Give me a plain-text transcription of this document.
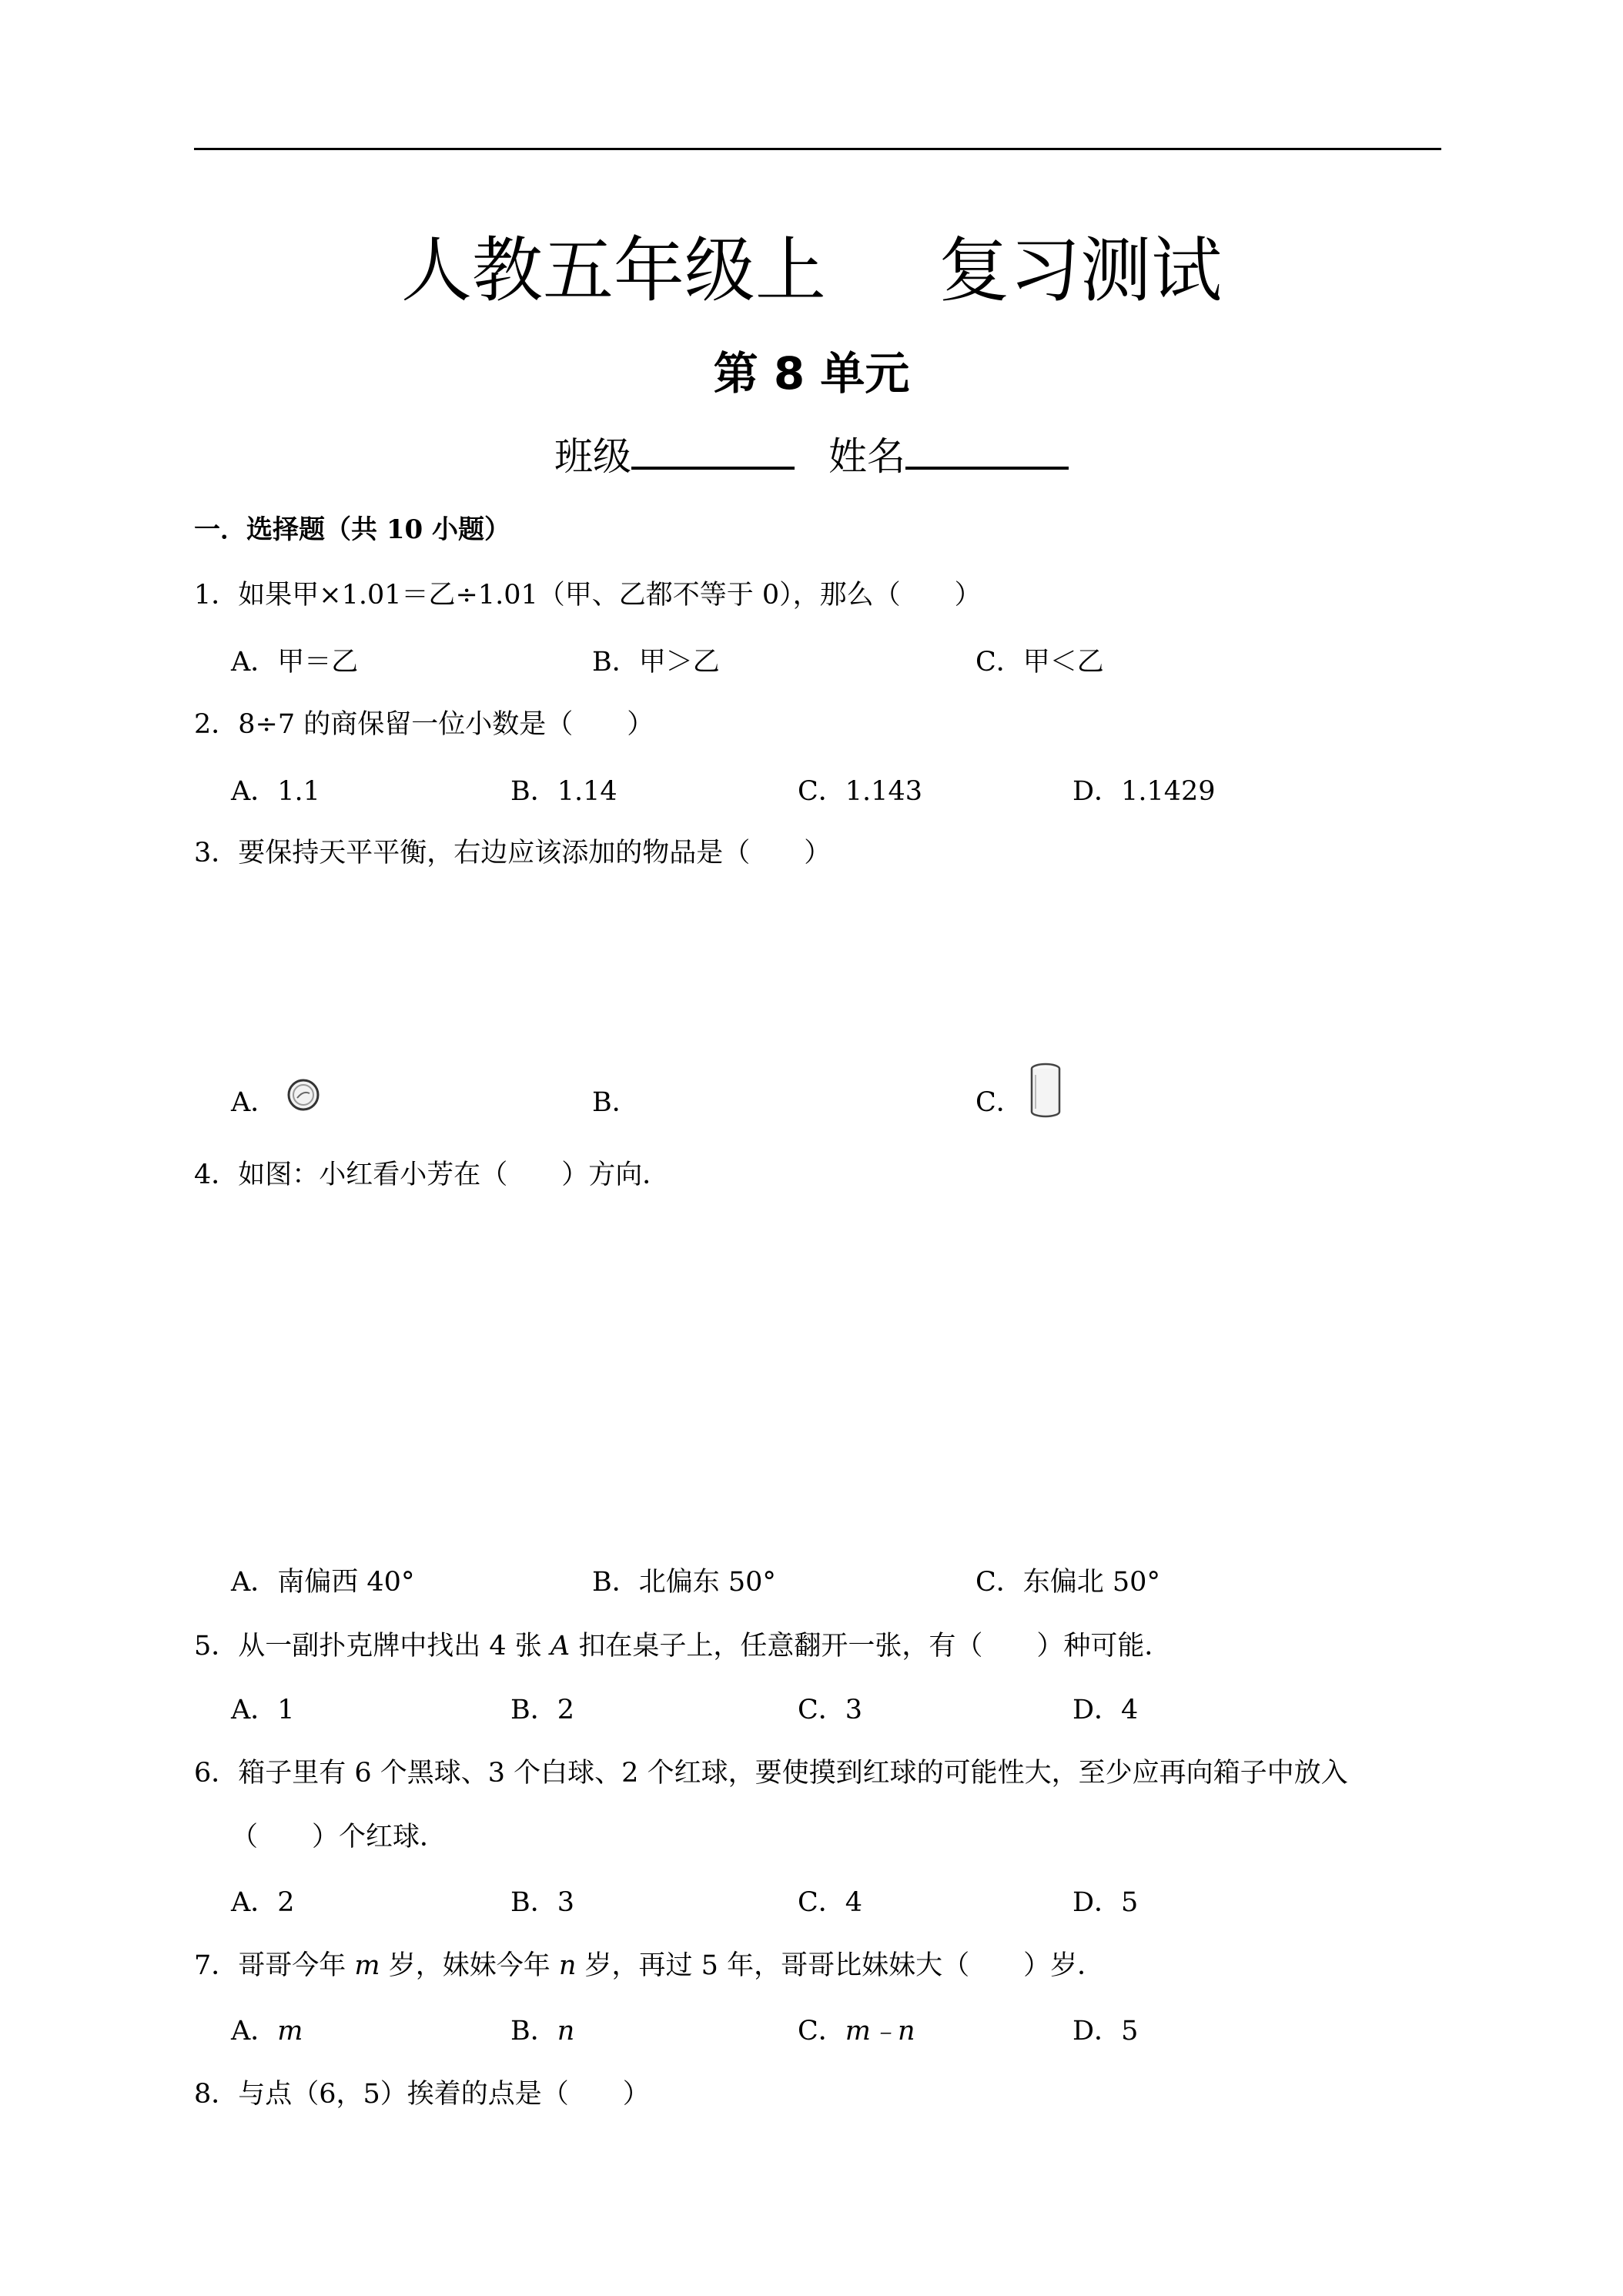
人教五年级上     复习测试
第 8 单元
班级	姓名
一．选择题（共 10 小题）
1．如果甲×1.01＝乙÷1.01（甲、乙都不等于 0），那么（　　）
A．甲＝乙	B．甲＞乙	C．甲＜乙
2．8÷7 的商保留一位小数是（　　）
A．1.1	B．1.14	C．1.143	D．1.1429
3．要保持天平平衡，右边应该添加的物品是（　　）
A．	B．	C．
4．如图：小红看小芳在（　　）方向．
A．南偏西 40°	B．北偏东 50°	C．东偏北 50°
5．从一副扑克牌中找出 4 张 A 扣在桌子上，任意翻开一张，有（　　）种可能．
A．1	B．2	C．3	D．4
6．箱子里有 6 个黑球、3 个白球、2 个红球，要使摸到红球的可能性大，至少应再向箱子中放入
（　　）个红球．
A．2	B．3	C．4	D．5
7．哥哥今年 m 岁，妹妹今年 n 岁，再过 5 年，哥哥比妹妹大（　　）岁．
A．m	B．n	C．m﹣n	D．5
8．与点（6，5）挨着的点是（　　）
